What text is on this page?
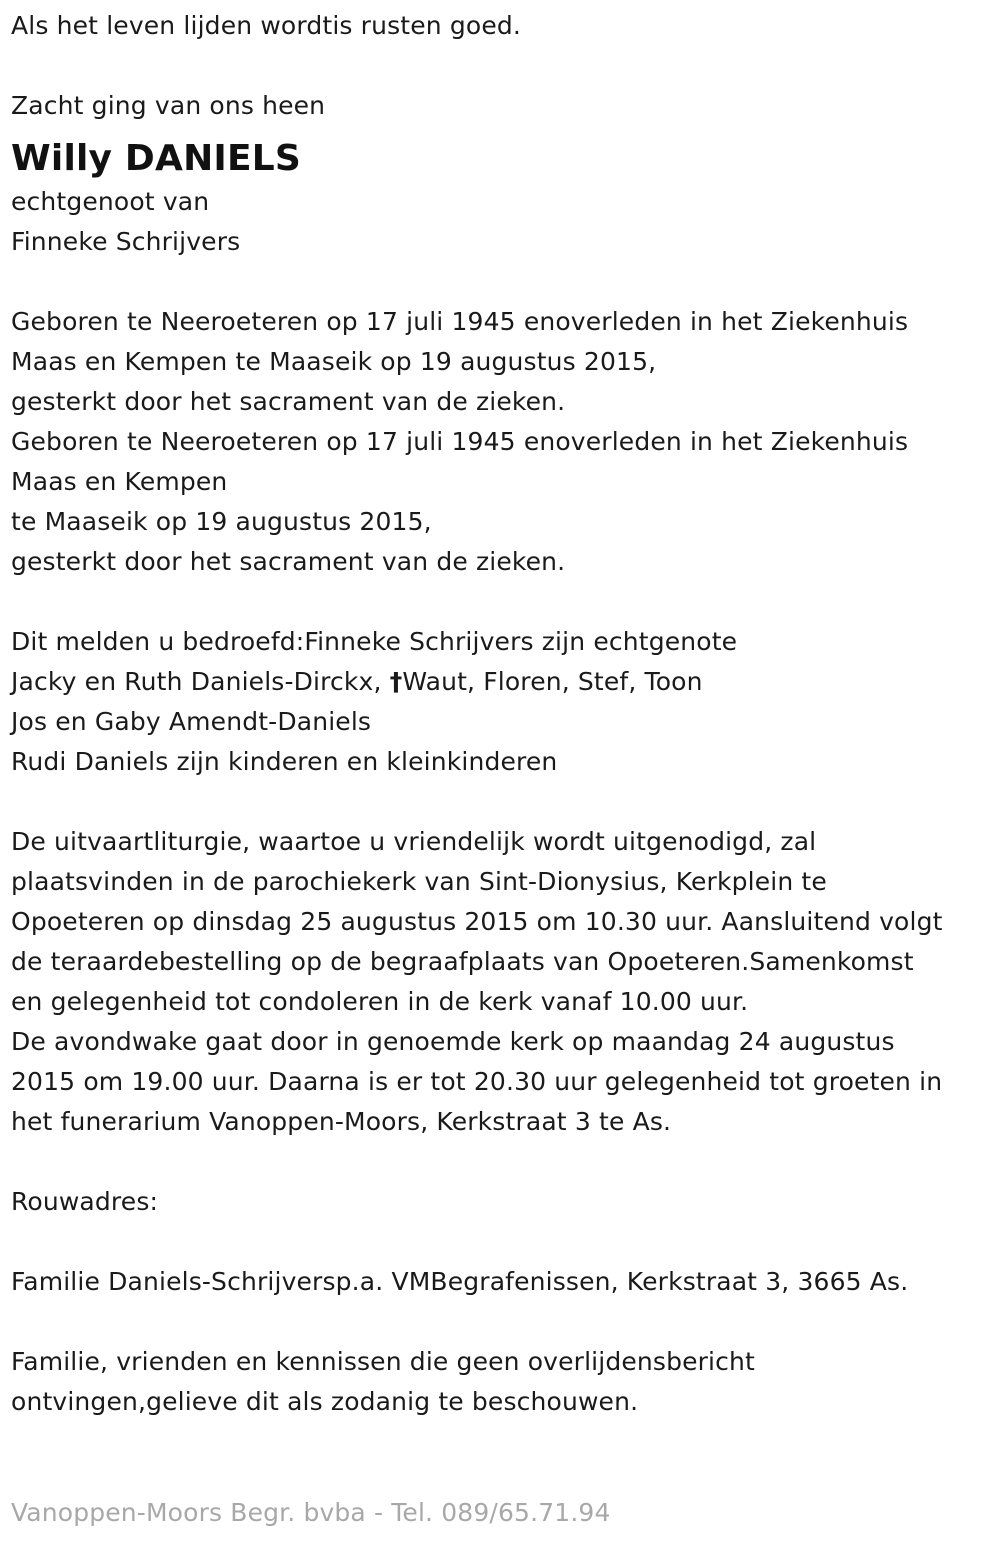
Als het leven lijden wordtis rusten goed.
Zacht ging van ons heen
Willy DANIELS
echtgenoot van
Finneke Schrijvers
Geboren te Neeroeteren op 17 juli 1945 enoverleden in het Ziekenhuis
Maas en Kempen te Maaseik op 19 augustus 2015,
gesterkt door het sacrament van de zieken.
Geboren te Neeroeteren op 17 juli 1945 enoverleden in het Ziekenhuis
Maas en Kempen
te Maaseik op 19 augustus 2015,
gesterkt door het sacrament van de zieken.
Dit melden u bedroefd:Finneke Schrijvers zijn echtgenote
Jacky en Ruth Daniels-Dirckx, †Waut, Floren, Stef, Toon
Jos en Gaby Amendt-Daniels
Rudi Daniels zijn kinderen en kleinkinderen
De uitvaartliturgie, waartoe u vriendelijk wordt uitgenodigd, zal
plaatsvinden in de parochiekerk van Sint-Dionysius, Kerkplein te
Opoeteren op dinsdag 25 augustus 2015 om 10.30 uur. Aansluitend volgt
de teraardebestelling op de begraafplaats van Opoeteren.Samenkomst
en gelegenheid tot condoleren in de kerk vanaf 10.00 uur.
De avondwake gaat door in genoemde kerk op maandag 24 augustus
2015 om 19.00 uur. Daarna is er tot 20.30 uur gelegenheid tot groeten in
het funerarium Vanoppen-Moors, Kerkstraat 3 te As.
Rouwadres:
Familie Daniels-Schrijversp.a. VMBegrafenissen, Kerkstraat 3, 3665 As.
Familie, vrienden en kennissen die geen overlijdensbericht
ontvingen,gelieve dit als zodanig te beschouwen.
Vanoppen-Moors Begr. bvba - Tel. 089/65.71.94
